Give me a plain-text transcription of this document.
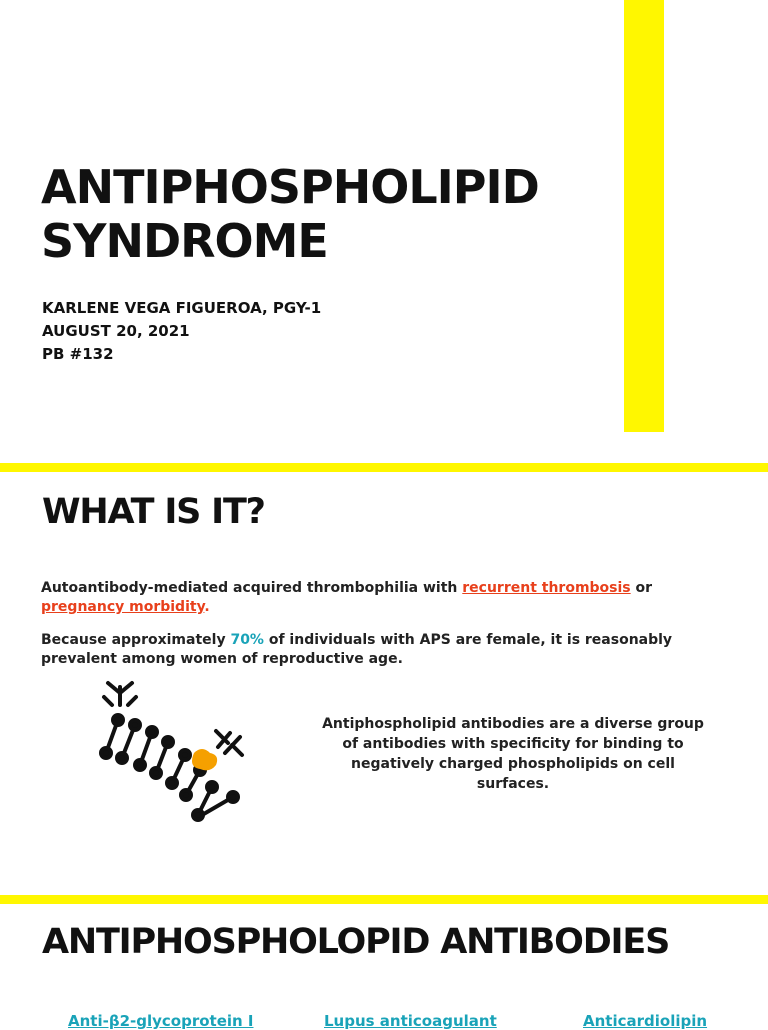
ANTIPHOSPHOLIPID
SYNDROME
KARLENE VEGA FIGUEROA, PGY-1
AUGUST 20, 2021
PB #132
WHAT IS IT?

Autoantibody-mediated acquired thrombophilia with recurrent thrombosis or pregnancy morbidity.

Because approximately 70% of individuals with APS are female, it is reasonably prevalent among women of reproductive age.

Antiphospholipid antibodies are a diverse group of antibodies with specificity for binding to negatively charged phospholipids on cell surfaces.

ANTIPHOSPHOLOPID ANTIBODIES
Anti-β2-glycoprotein I	Lupus anticoagulant	Anticardiolipin
